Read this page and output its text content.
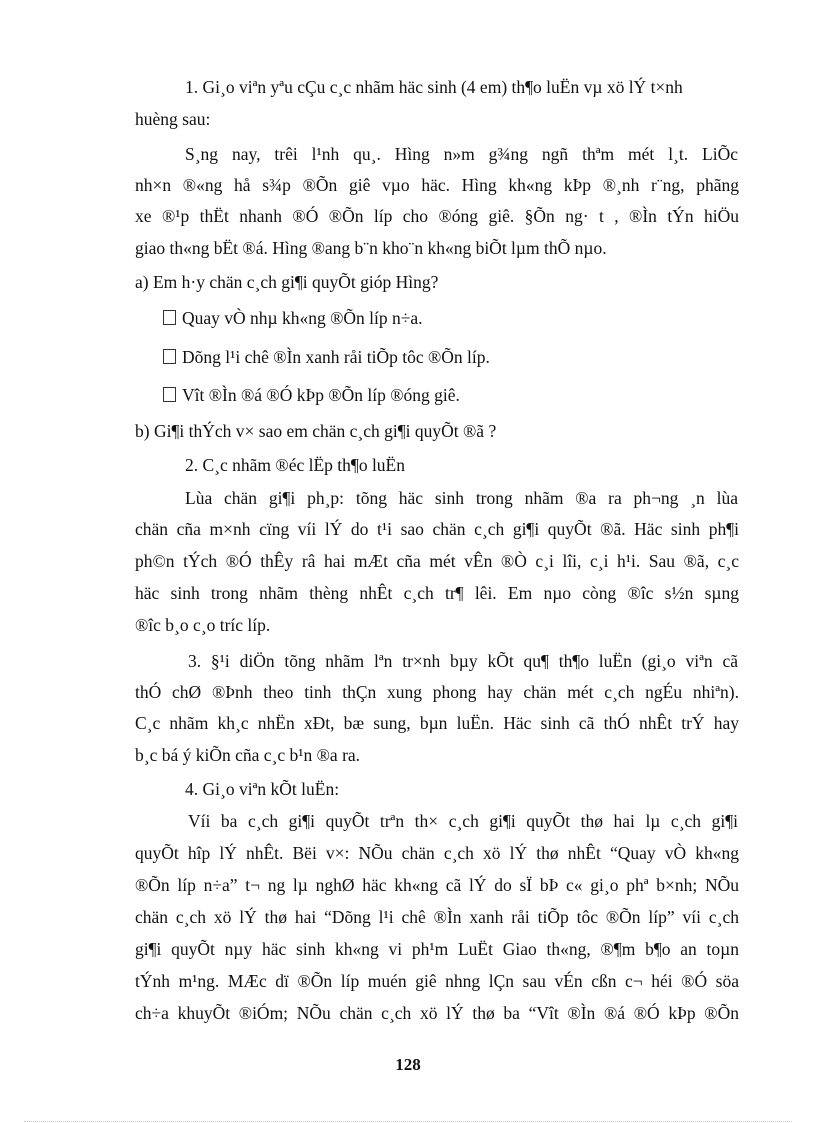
1. Gi¸o viªn yªu cÇu c¸c nhãm häc sinh (4 em) th¶o luËn vµ xö lÝ t×nh
huèng sau:
S¸ng nay, trêi l¹nh qu¸. Hìng n»m g¾ng ngñ thªm mét l¸t. LiÕc
nh×n ®«ng hå s¾p ®Õn giê vµo häc. Hìng kh«ng kÞp ®¸nh r¨ng, phãng
xe ®¹p thËt nhanh ®Ó ®Õn líp cho ®óng giê. §Õn ng· t , ®Ìn tÝn hiÖu
giao th«ng bËt ®á. Hìng ®ang b¨n kho¨n kh«ng biÕt lµm thÕ nµo.
a) Em h·y chän c¸ch gi¶i quyÕt gióp Hìng?
Quay vÒ nhµ kh«ng ®Õn líp n÷a.
Dõng l¹i chê ®Ìn xanh råi tiÕp tôc ®Õn líp.
Vît ®Ìn ®á ®Ó kÞp ®Õn líp ®óng giê.
b) Gi¶i thÝch v× sao em chän c¸ch gi¶i quyÕt ®ã ?
2. C¸c nhãm ®éc lËp th¶o luËn
Lùa chän gi¶i ph¸p: tõng häc sinh trong nhãm ®a ra ph¬ng ¸n lùa
chän cña m×nh cïng víi lÝ do t¹i sao chän c¸ch gi¶i quyÕt ®ã. Häc sinh ph¶i
ph©n tÝch ®Ó thÊy râ hai mÆt cña mét vÊn ®Ò c¸i lîi, c¸i h¹i. Sau ®ã, c¸c
häc sinh trong nhãm thèng nhÊt c¸ch tr¶ lêi. Em nµo còng ®îc s½n sµng
®îc b¸o c¸o tríc líp.
3. §¹i diÖn tõng nhãm lªn tr×nh bµy kÕt qu¶ th¶o luËn (gi¸o viªn cã
thÓ chØ ®Þnh theo tinh thÇn xung phong hay chän mét c¸ch ngÉu nhiªn).
C¸c nhãm kh¸c nhËn xÐt, bæ sung, bµn luËn. Häc sinh cã thÓ nhÊt trÝ hay
b¸c bá ý kiÕn cña c¸c b¹n ®a ra.
4. Gi¸o viªn kÕt luËn:
Víi ba c¸ch gi¶i quyÕt trªn th× c¸ch gi¶i quyÕt thø hai lµ c¸ch gi¶i
quyÕt hîp lÝ nhÊt. Bëi v×: NÕu chän c¸ch xö lÝ thø nhÊt “Quay vÒ kh«ng
®Õn líp n÷a” t¬ ng lµ nghØ häc kh«ng cã lÝ do sÏ bÞ c« gi¸o phª b×nh; NÕu
chän c¸ch xö lÝ thø hai “Dõng l¹i chê ®Ìn xanh råi tiÕp tôc ®Õn líp” víi c¸ch
gi¶i quyÕt nµy häc sinh kh«ng vi ph¹m LuËt Giao th«ng, ®¶m b¶o an toµn
tÝnh m¹ng. MÆc dï ®Õn líp muén giê nhng lÇn sau vÉn cßn c¬ héi ®Ó söa
ch÷a khuyÕt ®iÓm; NÕu chän c¸ch xö lÝ thø ba “Vît ®Ìn ®á ®Ó kÞp ®Õn
128
